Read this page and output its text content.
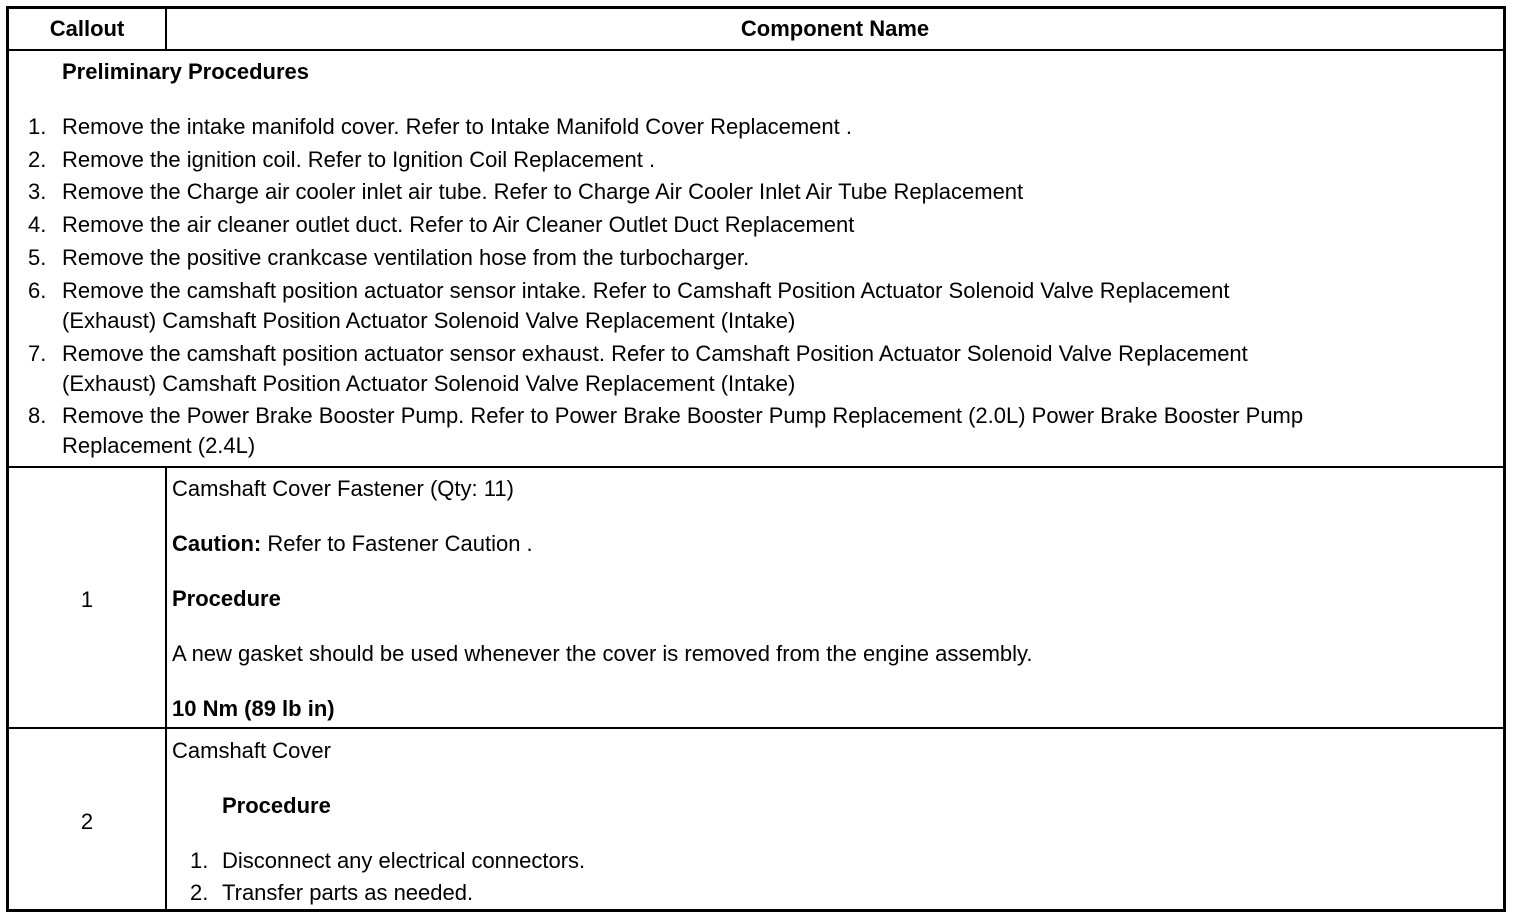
Callout	Component Name
Preliminary Procedures
1. Remove the intake manifold cover. Refer to Intake Manifold Cover Replacement .
2. Remove the ignition coil. Refer to Ignition Coil Replacement .
3. Remove the Charge air cooler inlet air tube. Refer to Charge Air Cooler Inlet Air Tube Replacement
4. Remove the air cleaner outlet duct. Refer to Air Cleaner Outlet Duct Replacement
5. Remove the positive crankcase ventilation hose from the turbocharger.
6. Remove the camshaft position actuator sensor intake. Refer to Camshaft Position Actuator Solenoid Valve Replacement
(Exhaust) Camshaft Position Actuator Solenoid Valve Replacement (Intake)
7. Remove the camshaft position actuator sensor exhaust. Refer to Camshaft Position Actuator Solenoid Valve Replacement
(Exhaust) Camshaft Position Actuator Solenoid Valve Replacement (Intake)
8. Remove the Power Brake Booster Pump. Refer to Power Brake Booster Pump Replacement (2.0L) Power Brake Booster Pump
Replacement (2.4L)
1
Camshaft Cover Fastener (Qty: 11)
Caution: Refer to Fastener Caution .
Procedure
A new gasket should be used whenever the cover is removed from the engine assembly.
10 Nm (89 lb in)
2
Camshaft Cover
Procedure
1. Disconnect any electrical connectors.
2. Transfer parts as needed.
